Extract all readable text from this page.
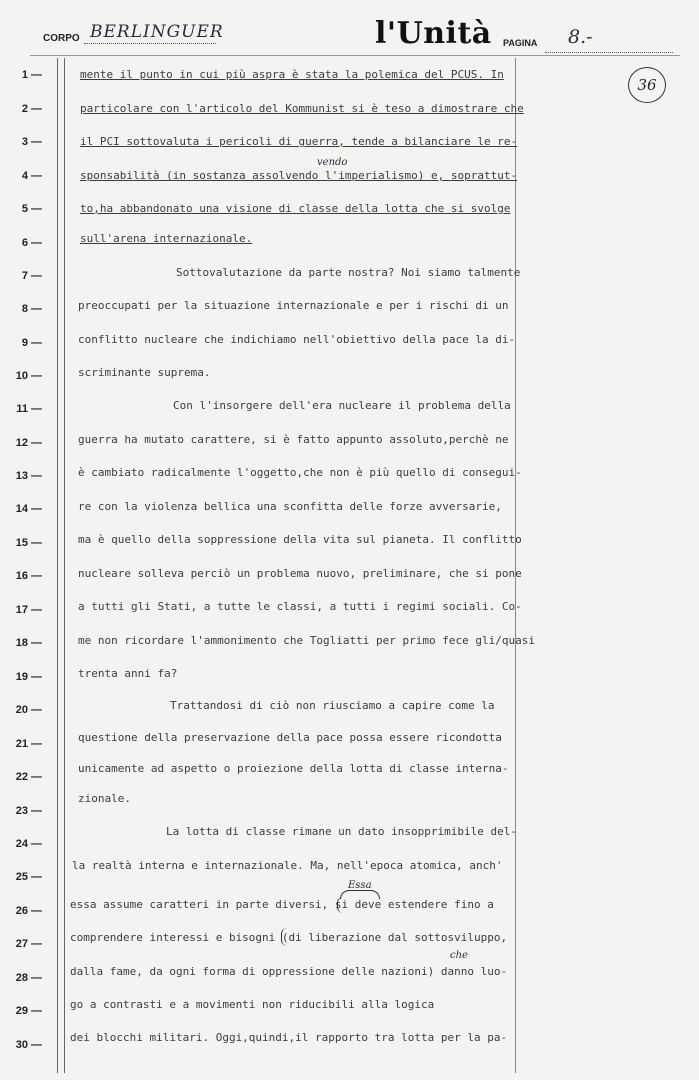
CORPO BERLINGUER	l'Unità PAGINA 8.-
36
1 —
2 —
3 —
4 —
5 —
6 —
7 —
8 —
9 —
10 —
11 —
12 —
13 —
14 —
15 —
16 —
17 —
18 —
19 —
20 —
21 —
22 —
23 —
24 —
25 —
26 —
27 —
28 —
29 —
30 —
mente il punto in cui più aspra è stata la polemica del PCUS. In
particolare con l'articolo del Kommunist si è teso a dimostrare che
il PCI sottovaluta i pericoli di guerra, tende a bilanciare le re-
sponsabilità (in sostanza assolvendo l'imperialismo) e, soprattut-
to,ha abbandonato una visione di classe della lotta che si svolge
sull'arena internazionale.
Sottovalutazione da parte nostra? Noi siamo talmente
preoccupati per la situazione internazionale e per i rischi di un
conflitto nucleare che indichiamo nell'obiettivo della pace la di-
scriminante suprema.
Con l'insorgere dell'era nucleare il problema della
guerra ha mutato carattere, si è fatto appunto assoluto,perchè ne
è cambiato radicalmente l'oggetto,che non è più quello di consegui-
re con la violenza bellica una sconfitta delle forze avversarie,
ma è quello della soppressione della vita sul pianeta. Il conflitto
nucleare solleva perciò un problema nuovo, preliminare, che si pone
a tutti gli Stati, a tutte le classi, a tutti i regimi sociali. Co-
me non ricordare l'ammonimento che Togliatti per primo fece gli/quasi
trenta anni fa?
Trattandosi di ciò non riusciamo a capire come la
questione della preservazione della pace possa essere ricondotta
unicamente ad aspetto o proiezione della lotta di classe interna-
zionale.
La lotta di classe rimane un dato insopprimibile del-
la realtà interna e internazionale. Ma, nell'epoca atomica, anch'
essa assume caratteri in parte diversi, si deve estendere fino a
comprendere interessi e bisogni (di liberazione dal sottosviluppo,
dalla fame, da ogni forma di oppressione delle nazioni) danno luo-
go a contrasti e a movimenti non riducibili alla logica
dei blocchi militari. Oggi,quindi,il rapporto tra lotta per la pa-
vendo
Essa
che
